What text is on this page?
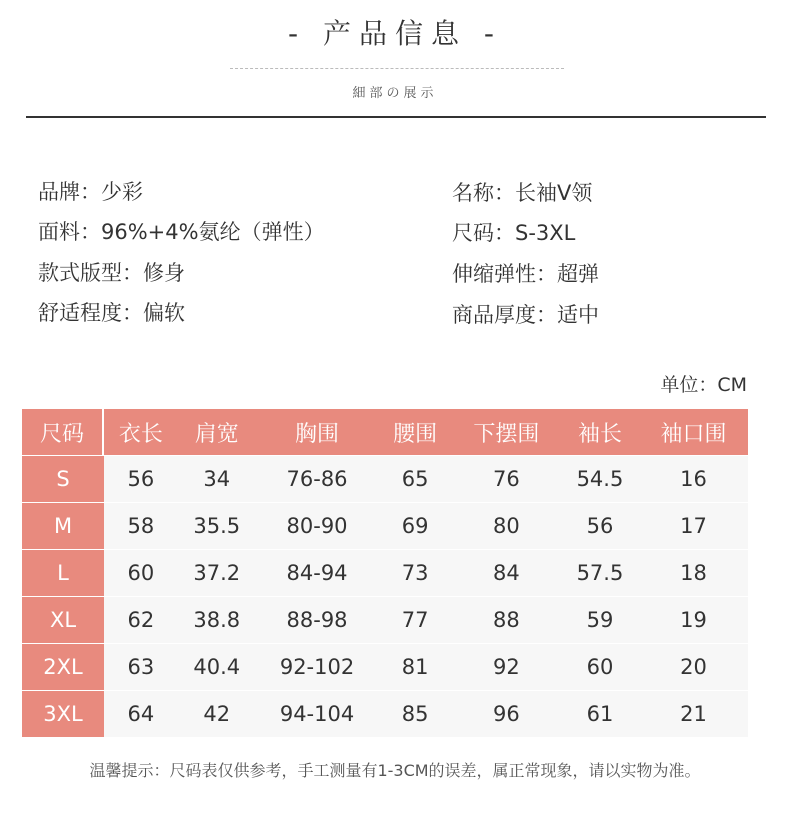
- 产品信息 -
細部の展示
品牌：少彩
面料：96%+4%氨纶（弹性）
款式版型：修身
舒适程度：偏软
名称：长袖V领
尺码：S-3XL
伸缩弹性：超弹
商品厚度：适中
单位：CM
尺码	衣长	肩宽	胸围	腰围	下摆围	袖长	袖口围
S	56	34	76-86	65	76	54.5	16
M	58	35.5	80-90	69	80	56	17
L	60	37.2	84-94	73	84	57.5	18
XL	62	38.8	88-98	77	88	59	19
2XL	63	40.4	92-102	81	92	60	20
3XL	64	42	94-104	85	96	61	21
温馨提示：尺码表仅供参考，手工测量有1-3CM的误差，属正常现象，请以实物为准。
